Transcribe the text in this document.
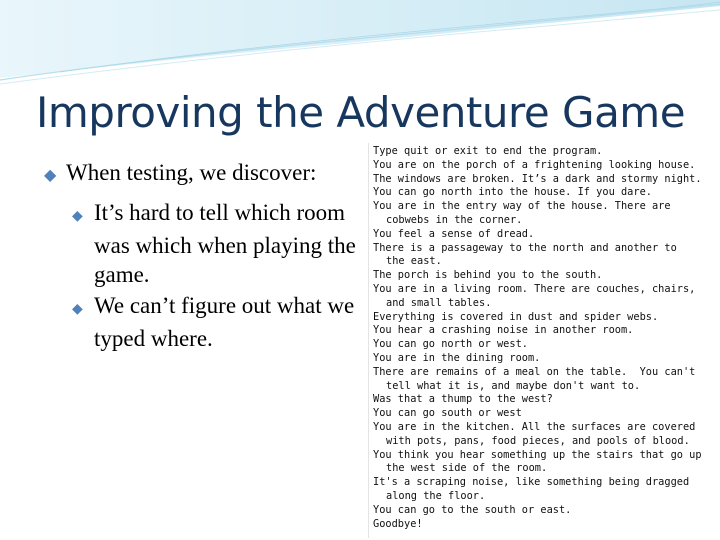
Improving the Adventure Game
◆ When testing, we discover:
◆ It’s hard to tell which room was which when playing the game.
◆ We can’t figure out what we typed where.
Type quit or exit to end the program.
You are on the porch of a frightening looking house.
The windows are broken. It’s a dark and stormy night.
You can go north into the house. If you dare.
You are in the entry way of the house. There are
cobwebs in the corner.
You feel a sense of dread.
There is a passageway to the north and another to
the east.
The porch is behind you to the south.
You are in a living room. There are couches, chairs,
and small tables.
Everything is covered in dust and spider webs.
You hear a crashing noise in another room.
You can go north or west.
You are in the dining room.
There are remains of a meal on the table.  You can't
tell what it is, and maybe don't want to.
Was that a thump to the west?
You can go south or west
You are in the kitchen. All the surfaces are covered
with pots, pans, food pieces, and pools of blood.
You think you hear something up the stairs that go up
the west side of the room.
It's a scraping noise, like something being dragged
along the floor.
You can go to the south or east.
Goodbye!
